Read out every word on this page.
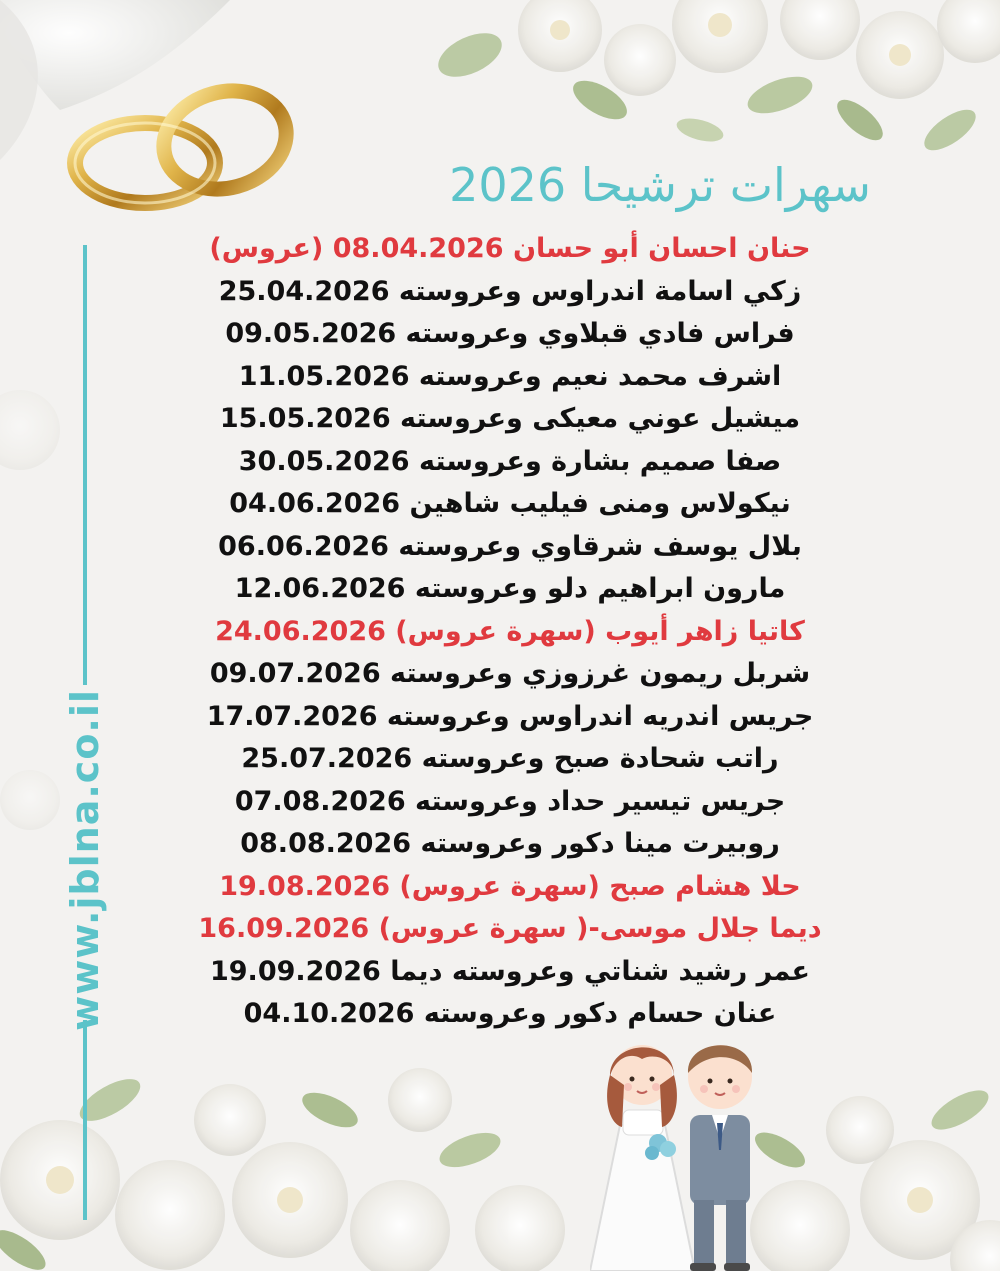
سهرات ترشيحا 2026
حنان احسان أبو حسان 08.04.2026 (عروس)
زكي اسامة اندراوس وعروسته 25.04.2026
فراس فادي قبلاوي وعروسته 09.05.2026
اشرف محمد نعيم وعروسته 11.05.2026
ميشيل عوني معيكى وعروسته 15.05.2026
صفا صميم بشارة وعروسته 30.05.2026
نيكولاس ومنى فيليب شاهين 04.06.2026
بلال يوسف شرقاوي وعروسته 06.06.2026
مارون ابراهيم دلو وعروسته 12.06.2026
كاتيا زاهر أيوب (سهرة عروس) 24.06.2026
شربل ريمون غرزوزي وعروسته 09.07.2026
جريس اندريه اندراوس وعروسته 17.07.2026
راتب شحادة صبح وعروسته 25.07.2026
جريس تيسير حداد وعروسته 07.08.2026
روبيرت مينا دكور وعروسته 08.08.2026
حلا هشام صبح (سهرة عروس) 19.08.2026
ديما جلال موسى-( سهرة عروس) 16.09.2026
عمر رشيد شناتي وعروسته ديما 19.09.2026
عنان حسام دكور وعروسته 04.10.2026
www.jblna.co.il
